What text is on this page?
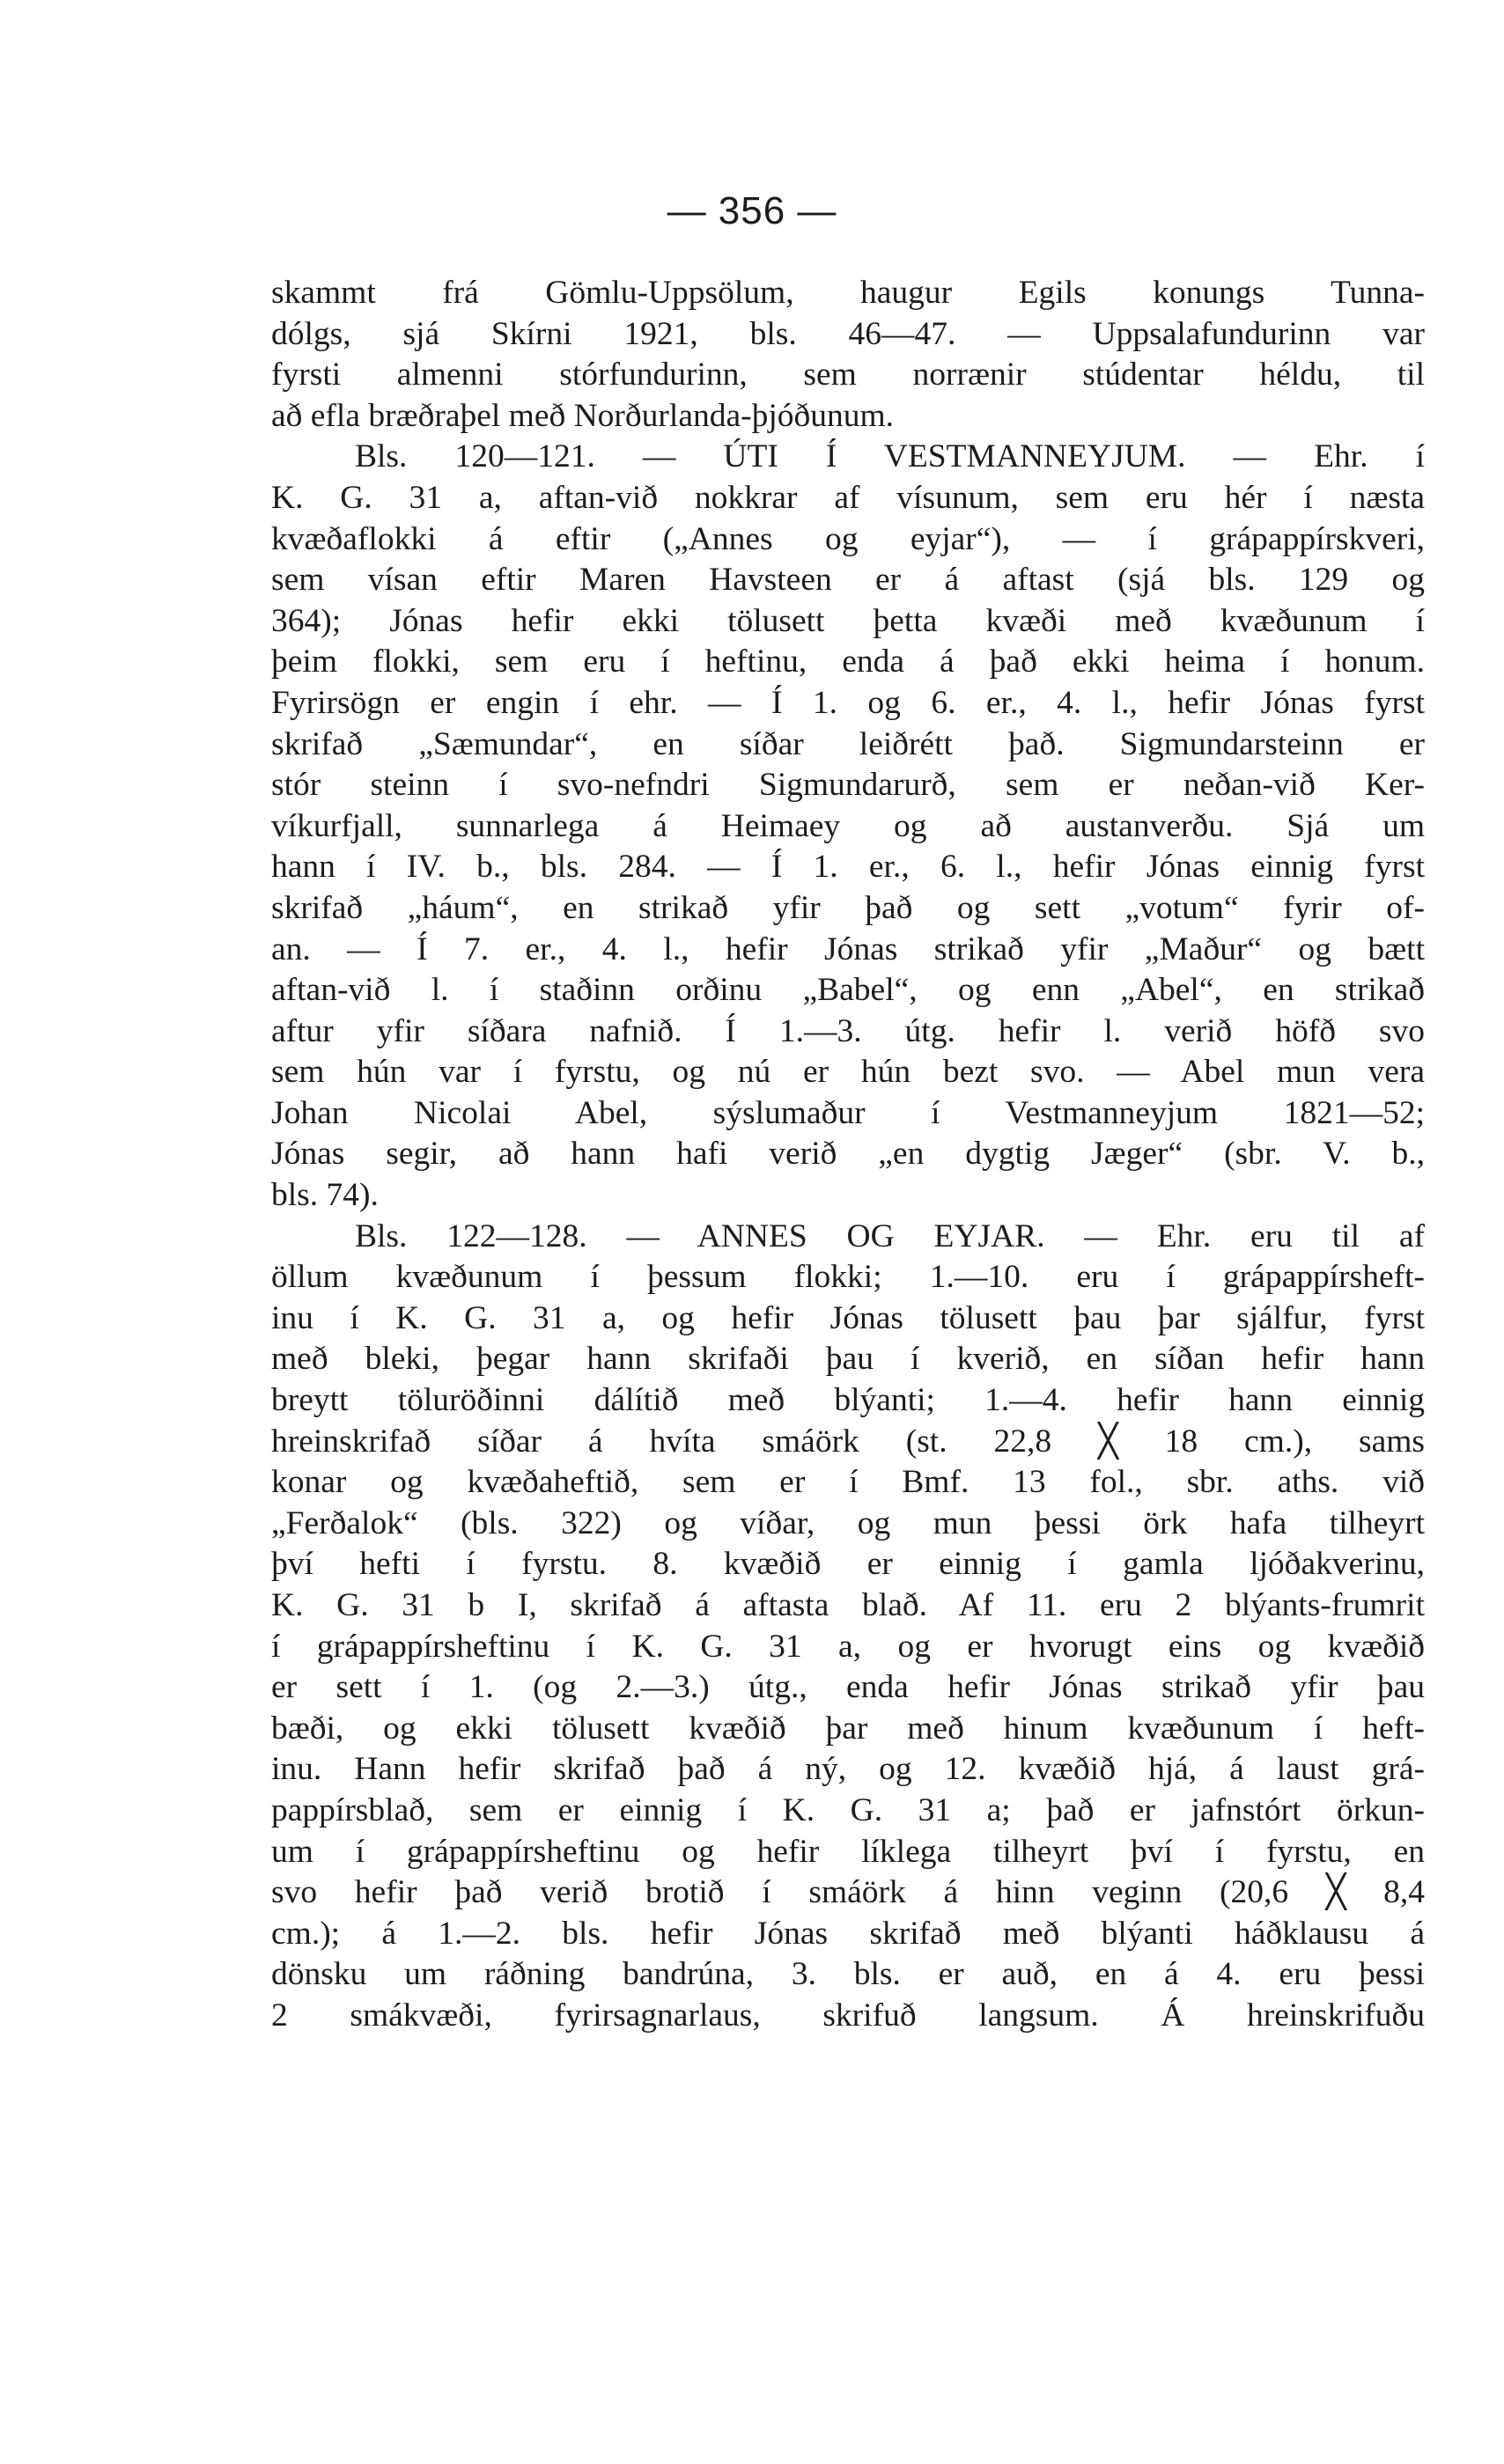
— 356 —
skammt frá Gömlu-Uppsölum, haugur Egils konungs Tunna-
dólgs, sjá Skírni 1921, bls. 46—47. — Uppsalafundurinn var
fyrsti almenni stórfundurinn, sem norrænir stúdentar héldu, til
að efla bræðraþel með Norðurlanda-þjóðunum.
Bls. 120—121. — ÚTI Í VESTMANNEYJUM. — Ehr. í
K. G. 31 a, aftan-við nokkrar af vísunum, sem eru hér í næsta
kvæðaflokki á eftir („Annes og eyjar“), — í grápappírskveri,
sem vísan eftir Maren Havsteen er á aftast (sjá bls. 129 og
364); Jónas hefir ekki tölusett þetta kvæði með kvæðunum í
þeim flokki, sem eru í heftinu, enda á það ekki heima í honum.
Fyrirsögn er engin í ehr. — Í 1. og 6. er., 4. l., hefir Jónas fyrst
skrifað „Sæmundar“, en síðar leiðrétt það. Sigmundarsteinn er
stór steinn í svo-nefndri Sigmundarurð, sem er neðan-við Ker-
víkurfjall, sunnarlega á Heimaey og að austanverðu. Sjá um
hann í IV. b., bls. 284. — Í 1. er., 6. l., hefir Jónas einnig fyrst
skrifað „háum“, en strikað yfir það og sett „votum“ fyrir of-
an. — Í 7. er., 4. l., hefir Jónas strikað yfir „Maður“ og bætt
aftan-við l. í staðinn orðinu „Babel“, og enn „Abel“, en strikað
aftur yfir síðara nafnið. Í 1.—3. útg. hefir l. verið höfð svo
sem hún var í fyrstu, og nú er hún bezt svo. — Abel mun vera
Johan Nicolai Abel, sýslumaður í Vestmanneyjum 1821—52;
Jónas segir, að hann hafi verið „en dygtig Jæger“ (sbr. V. b.,
bls. 74).
Bls. 122—128. — ANNES OG EYJAR. — Ehr. eru til af
öllum kvæðunum í þessum flokki; 1.—10. eru í grápappírsheft-
inu í K. G. 31 a, og hefir Jónas tölusett þau þar sjálfur, fyrst
með bleki, þegar hann skrifaði þau í kverið, en síðan hefir hann
breytt töluröðinni dálítið með blýanti; 1.—4. hefir hann einnig
hreinskrifað síðar á hvíta smáörk (st. 22,8 ╳ 18 cm.), sams
konar og kvæðaheftið, sem er í Bmf. 13 fol., sbr. aths. við
„Ferðalok“ (bls. 322) og víðar, og mun þessi örk hafa tilheyrt
því hefti í fyrstu. 8. kvæðið er einnig í gamla ljóðakverinu,
K. G. 31 b I, skrifað á aftasta blað. Af 11. eru 2 blýants-frumrit
í grápappírsheftinu í K. G. 31 a, og er hvorugt eins og kvæðið
er sett í 1. (og 2.—3.) útg., enda hefir Jónas strikað yfir þau
bæði, og ekki tölusett kvæðið þar með hinum kvæðunum í heft-
inu. Hann hefir skrifað það á ný, og 12. kvæðið hjá, á laust grá-
pappírsblað, sem er einnig í K. G. 31 a; það er jafnstórt örkun-
um í grápappírsheftinu og hefir líklega tilheyrt því í fyrstu, en
svo hefir það verið brotið í smáörk á hinn veginn (20,6 ╳ 8,4
cm.); á 1.—2. bls. hefir Jónas skrifað með blýanti háðklausu á
dönsku um ráðning bandrúna, 3. bls. er auð, en á 4. eru þessi
2 smákvæði, fyrirsagnarlaus, skrifuð langsum. Á hreinskrifuðu
